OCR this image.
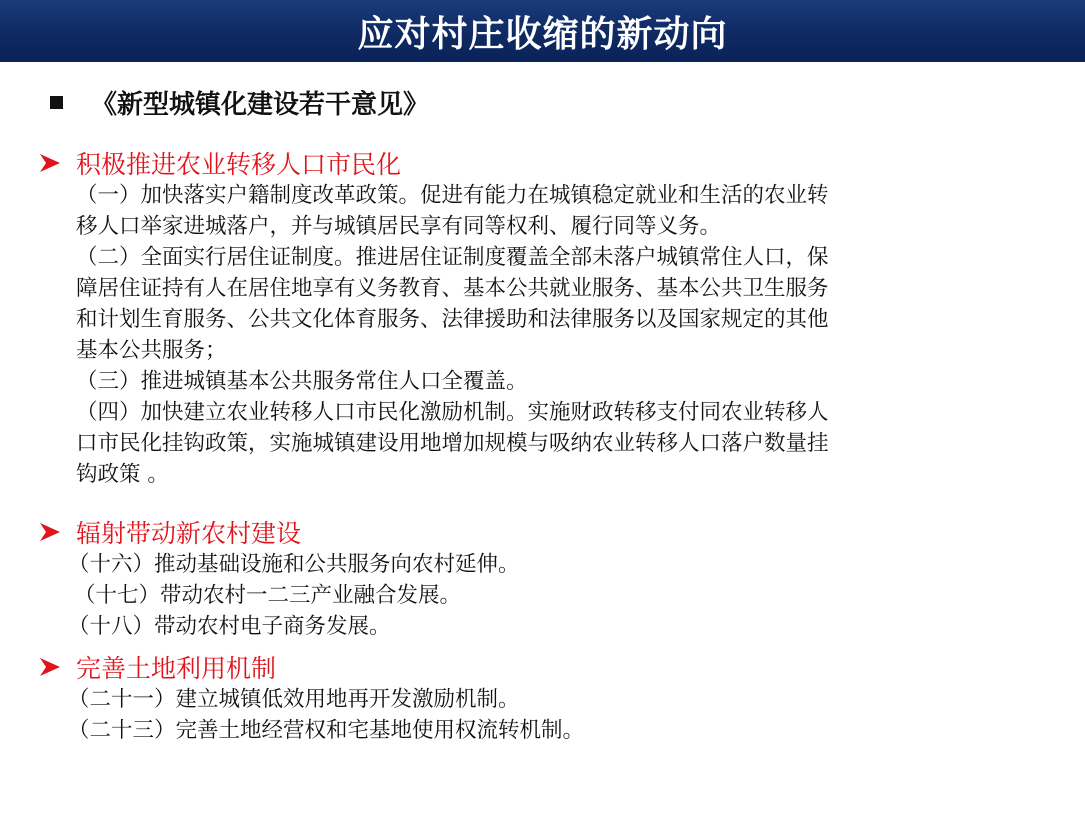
应对村庄收缩的新动向
《新型城镇化建设若干意见》
积极推进农业转移人口市民化
（一）加快落实户籍制度改革政策。促进有能力在城镇稳定就业和生活的农业转
移人口举家进城落户，并与城镇居民享有同等权利、履行同等义务。
（二）全面实行居住证制度。推进居住证制度覆盖全部未落户城镇常住人口，保
障居住证持有人在居住地享有义务教育、基本公共就业服务、基本公共卫生服务
和计划生育服务、公共文化体育服务、法律援助和法律服务以及国家规定的其他
基本公共服务；
（三）推进城镇基本公共服务常住人口全覆盖。
（四）加快建立农业转移人口市民化激励机制。实施财政转移支付同农业转移人
口市民化挂钩政策，实施城镇建设用地增加规模与吸纳农业转移人口落户数量挂
钩政策 。
辐射带动新农村建设
（十六）推动基础设施和公共服务向农村延伸。
（十七）带动农村一二三产业融合发展。
（十八）带动农村电子商务发展。
完善土地利用机制
（二十一）建立城镇低效用地再开发激励机制。
（二十三）完善土地经营权和宅基地使用权流转机制。
